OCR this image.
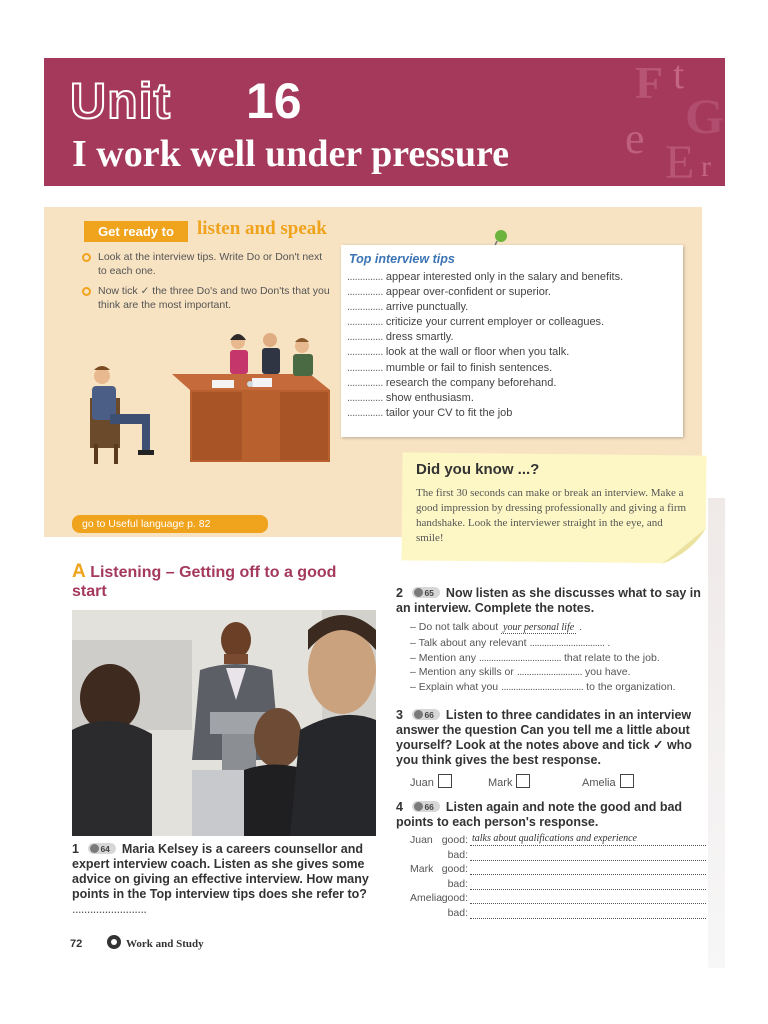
F t
G
e E r
Unit 16
I work well under pressure
Get ready to	listen and speak
Look at the interview tips. Write Do or Don't next to each one.
Now tick ✓ the three Do's and two Don'ts that you think are the most important.
Top interview tips
.............. appear interested only in the salary and benefits.
.............. appear over-confident or superior.
.............. arrive punctually.
.............. criticize your current employer or colleagues.
.............. dress smartly.
.............. look at the wall or floor when you talk.
.............. mumble or fail to finish sentences.
.............. research the company beforehand.
.............. show enthusiasm.
.............. tailor your CV to fit the job
go to Useful language p. 82
Did you know ...?
The first 30 seconds can make or break an interview. Make a good impression by dressing professionally and giving a firm handshake. Look the interviewer straight in the eye, and smile!
A Listening – Getting off to a good start
1	64 Maria Kelsey is a careers counsellor and expert interview coach. Listen as she gives some advice on giving an effective interview. How many points in the Top interview tips does she refer to? .........................
72	Work and Study
2	65 Now listen as she discusses what to say in an interview. Complete the notes.
– Do not talk about your personal life .
– Talk about any relevant ............................... .
– Mention any .................................. that relate to the job.
– Mention any skills or ........................... you have.
– Explain what you .................................. to the organization.
3	66 Listen to three candidates in an interview answer the question Can you tell me a little about yourself? Look at the notes above and tick ✓ who you think gives the best response.
Juan	Mark	Amelia
4	66 Listen again and note the good and bad points to each person's response.
Juan good: talks about qualifications and experience
bad:
Mark good:
bad:
Amelia good:
bad:
